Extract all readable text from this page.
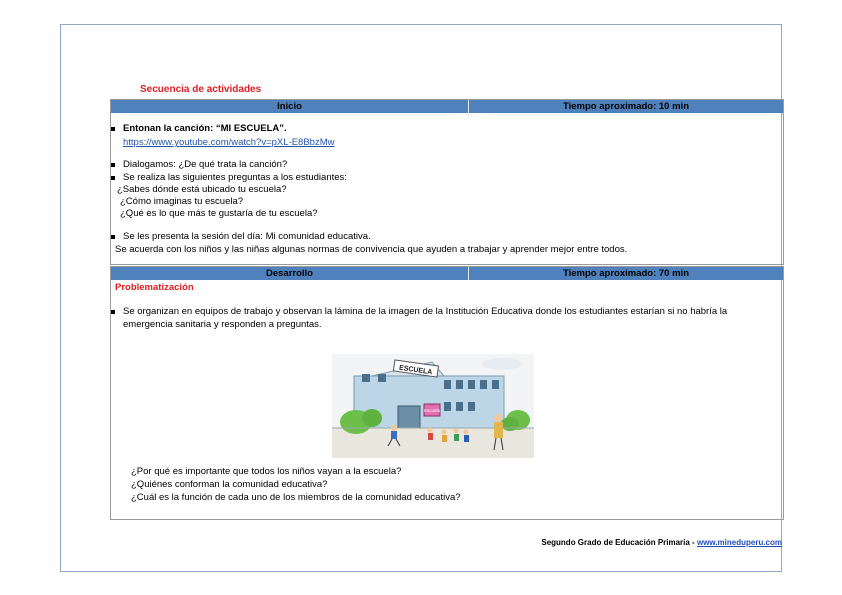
Secuencia de actividades
Inicio	Tiempo aproximado: 10 min
Entonan la canción: “MI ESCUELA”.
https://www.youtube.com/watch?v=pXL-E8BbzMw
Dialogamos: ¿De qué trata la canción?
Se realiza las siguientes preguntas a los estudiantes:
¿Sabes dónde está ubicado tu escuela?
¿Cómo imaginas tu escuela?
¿Qué es lo que más te gustaría de tu escuela?
Se les presenta la sesión del día: Mi comunidad educativa.
Se acuerda con los niños y las niñas algunas normas de convivencia que ayuden a trabajar y aprender mejor entre todos.
Desarrollo	Tiempo aproximado: 70 min
Problematización
Se organizan en equipos de trabajo y observan la lámina de la imagen de la Institución Educativa donde los estudiantes estarían si no habría la
emergencia sanitaria y responden a preguntas.
ESCUELA
Escuela
¿Por qué es importante que todos los niños vayan a la escuela?
¿Quiénes conforman la comunidad educativa?
¿Cuál es la función de cada uno de los miembros de la comunidad educativa?
Segundo Grado de Educación Primaria - www.mineduperu.com
